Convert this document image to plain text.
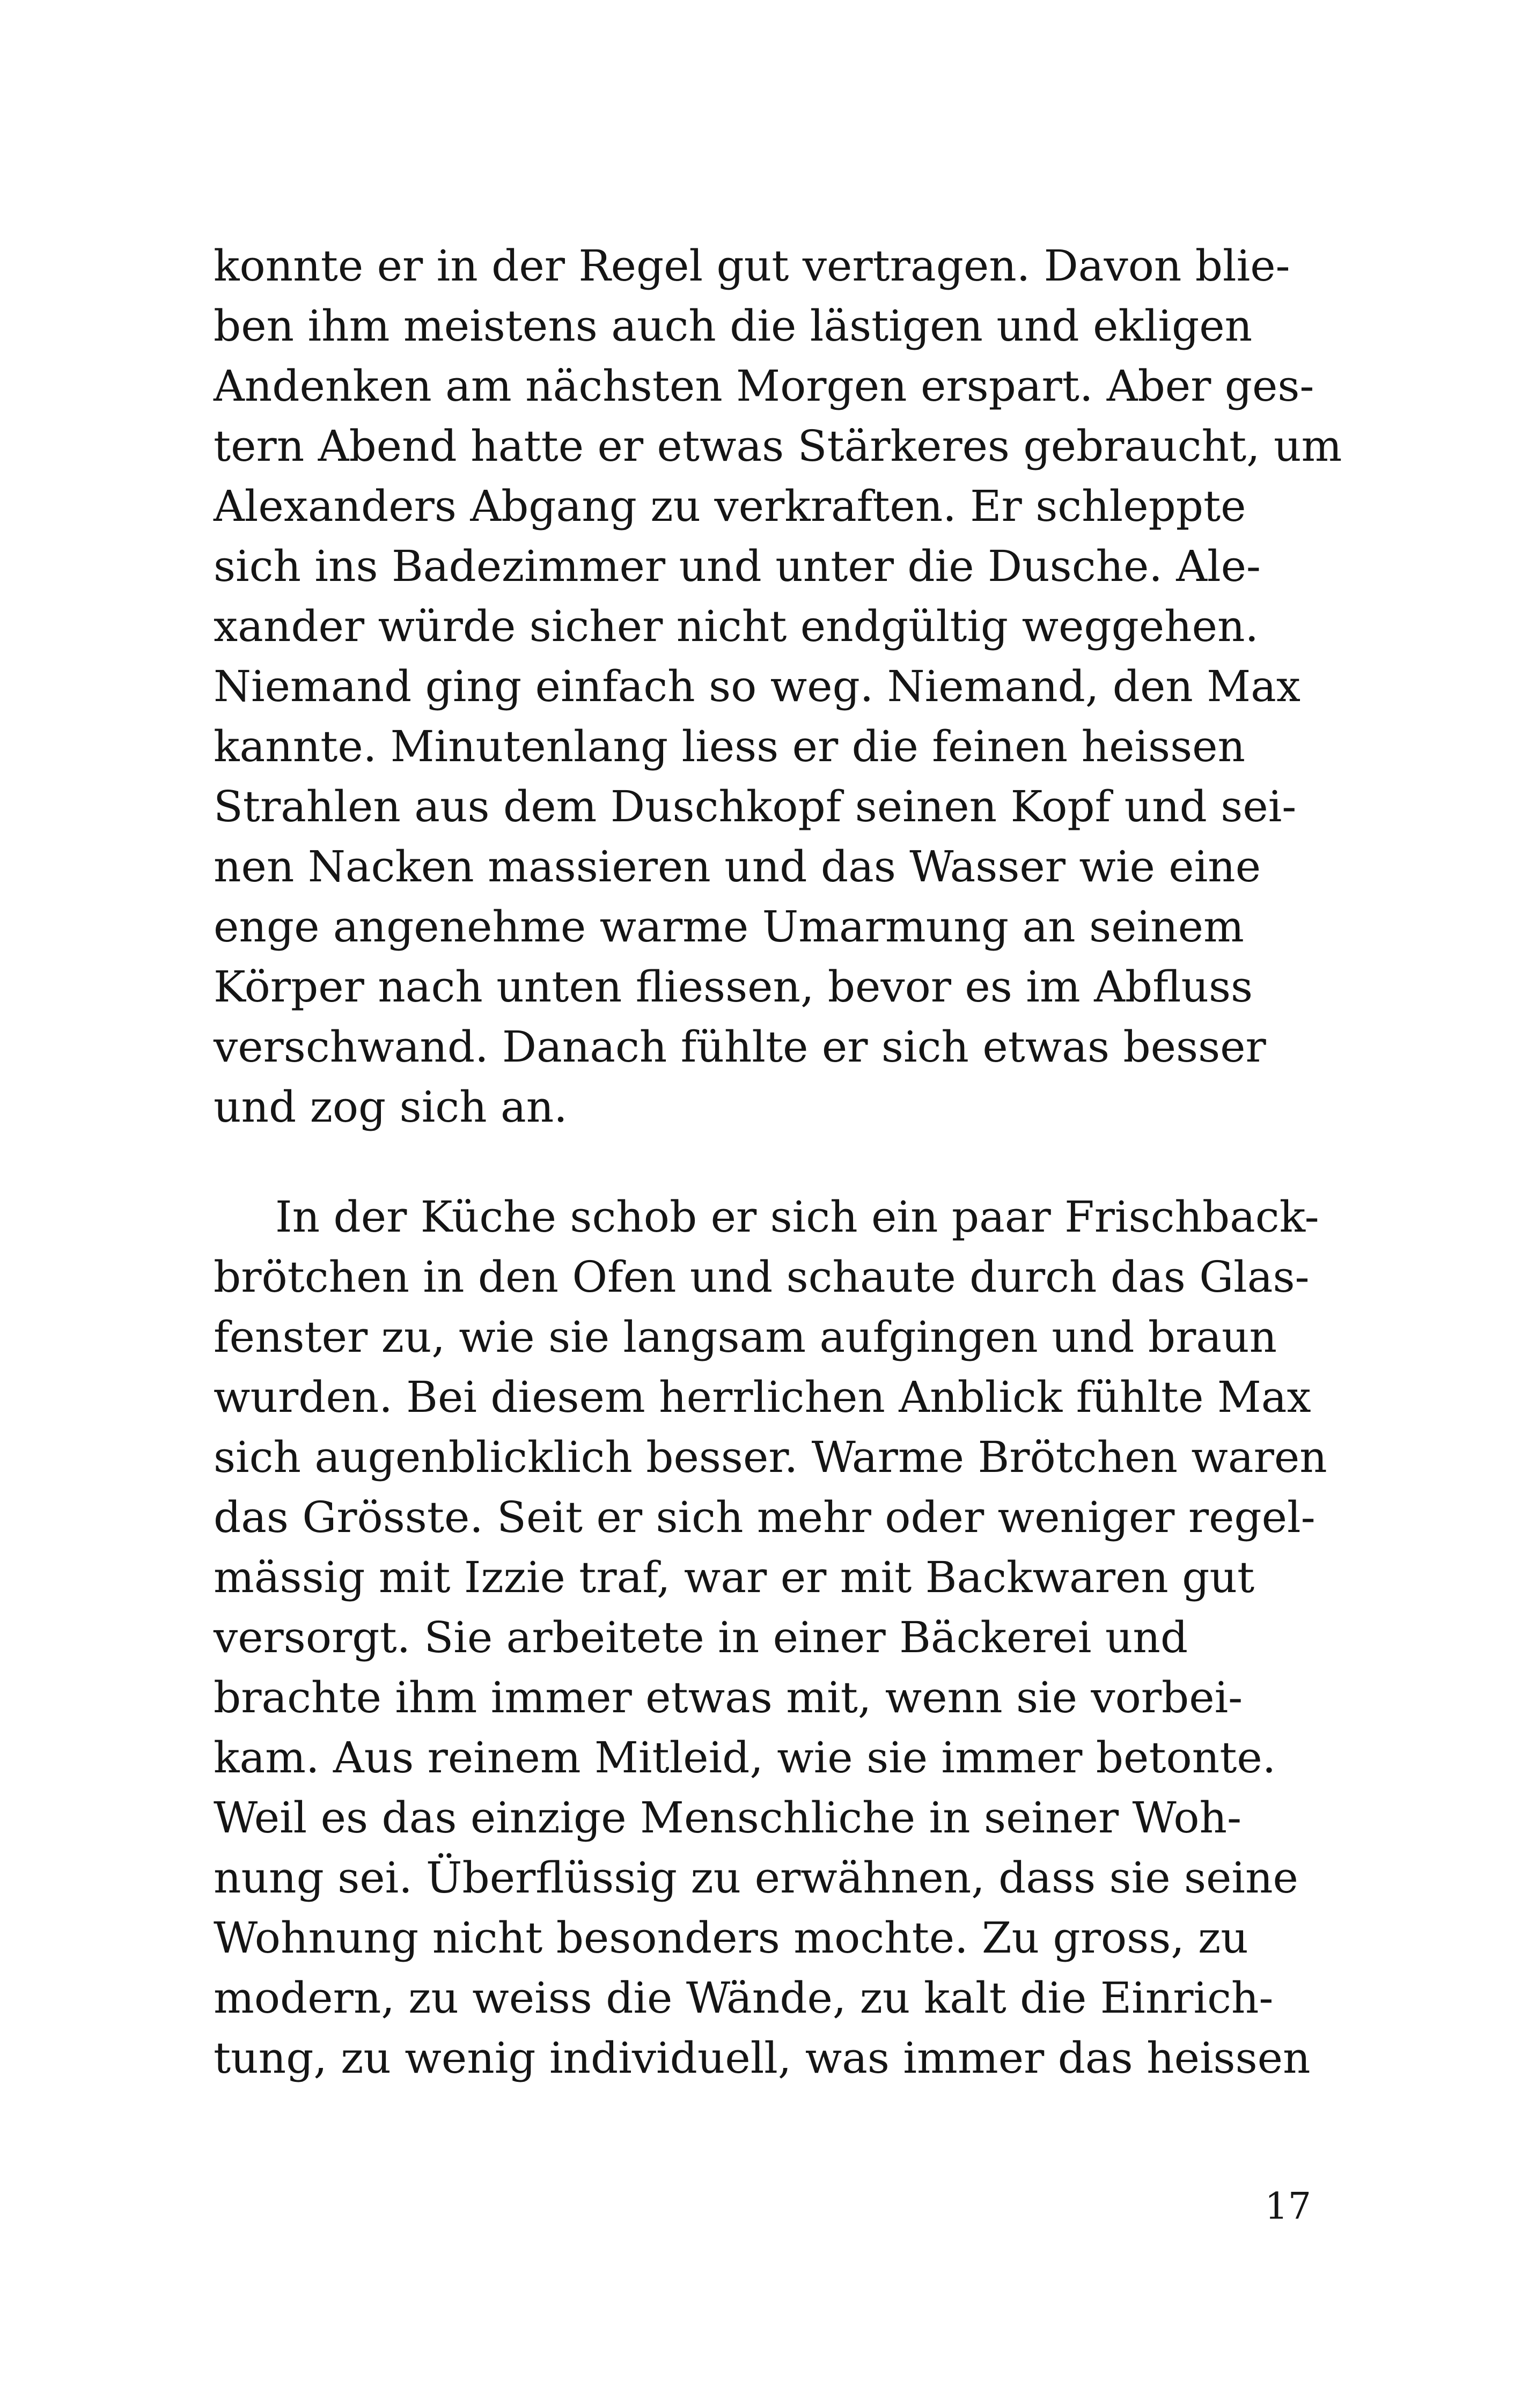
konnte er in der Regel gut vertragen. Davon blie-
ben ihm meistens auch die lästigen und ekligen
Andenken am nächsten Morgen erspart. Aber ges-
tern Abend hatte er etwas Stärkeres gebraucht, um
Alexanders Abgang zu verkraften. Er schleppte
sich ins Badezimmer und unter die Dusche. Ale-
xander würde sicher nicht endgültig weggehen.
Niemand ging einfach so weg. Niemand, den Max
kannte. Minutenlang liess er die feinen heissen
Strahlen aus dem Duschkopf seinen Kopf und sei-
nen Nacken massieren und das Wasser wie eine
enge angenehme warme Umarmung an seinem
Körper nach unten fliessen, bevor es im Abfluss
verschwand. Danach fühlte er sich etwas besser
und zog sich an.
In der Küche schob er sich ein paar Frischback-
brötchen in den Ofen und schaute durch das Glas-
fenster zu, wie sie langsam aufgingen und braun
wurden. Bei diesem herrlichen Anblick fühlte Max
sich augenblicklich besser. Warme Brötchen waren
das Grösste. Seit er sich mehr oder weniger regel-
mässig mit Izzie traf, war er mit Backwaren gut
versorgt. Sie arbeitete in einer Bäckerei und
brachte ihm immer etwas mit, wenn sie vorbei-
kam. Aus reinem Mitleid, wie sie immer betonte.
Weil es das einzige Menschliche in seiner Woh-
nung sei. Überflüssig zu erwähnen, dass sie seine
Wohnung nicht besonders mochte. Zu gross, zu
modern, zu weiss die Wände, zu kalt die Einrich-
tung, zu wenig individuell, was immer das heissen
17
